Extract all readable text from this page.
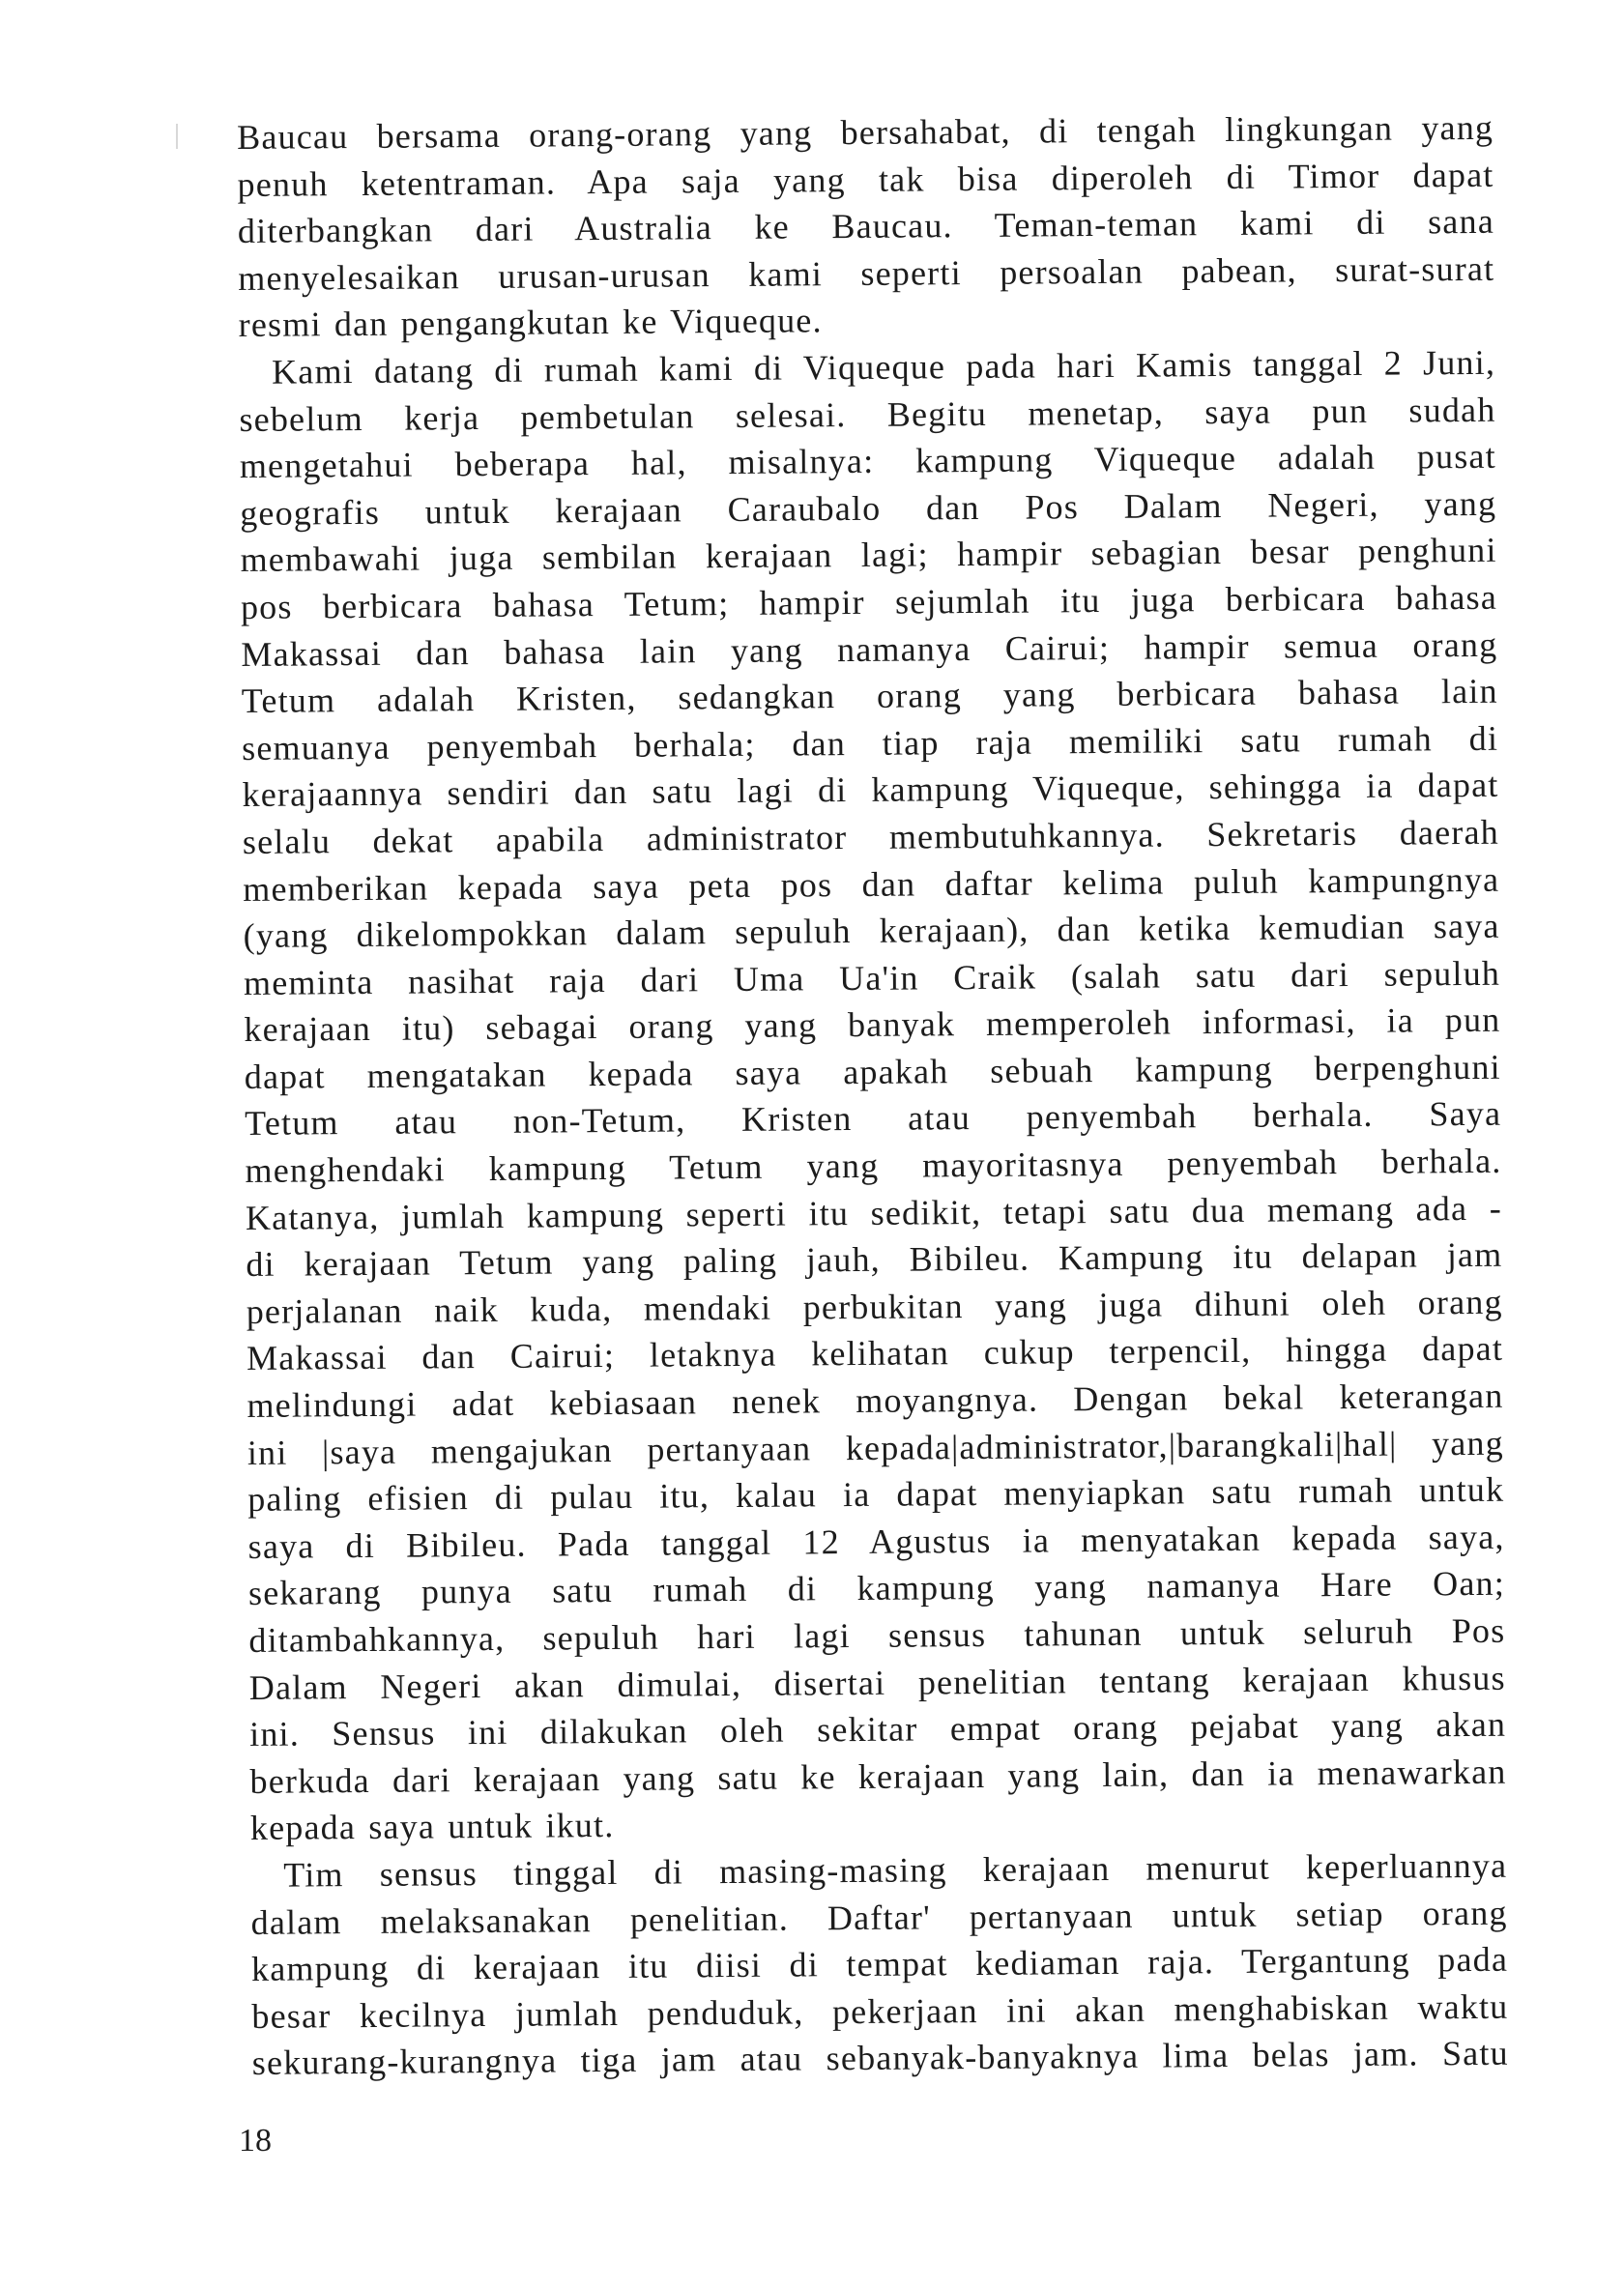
Baucau bersama orang-orang yang bersahabat, di tengah lingkungan yang
penuh ketentraman. Apa saja yang tak bisa diperoleh di Timor dapat
diterbangkan dari Australia ke Baucau. Teman-teman kami di sana
menyelesaikan urusan-urusan kami seperti persoalan pabean, surat-surat
resmi dan pengangkutan ke Viqueque.
Kami datang di rumah kami di Viqueque pada hari Kamis tanggal 2 Juni,
sebelum kerja pembetulan selesai. Begitu menetap, saya pun sudah
mengetahui beberapa hal, misalnya: kampung Viqueque adalah pusat
geografis untuk kerajaan Caraubalo dan Pos Dalam Negeri, yang
membawahi juga sembilan kerajaan lagi; hampir sebagian besar penghuni
pos berbicara bahasa Tetum; hampir sejumlah itu juga berbicara bahasa
Makassai dan bahasa lain yang namanya Cairui; hampir semua orang
Tetum adalah Kristen, sedangkan orang yang berbicara bahasa lain
semuanya penyembah berhala; dan tiap raja memiliki satu rumah di
kerajaannya sendiri dan satu lagi di kampung Viqueque, sehingga ia dapat
selalu dekat apabila administrator membutuhkannya. Sekretaris daerah
memberikan kepada saya peta pos dan daftar kelima puluh kampungnya
(yang dikelompokkan dalam sepuluh kerajaan), dan ketika kemudian saya
meminta nasihat raja dari Uma Ua'in Craik (salah satu dari sepuluh
kerajaan itu) sebagai orang yang banyak memperoleh informasi, ia pun
dapat mengatakan kepada saya apakah sebuah kampung berpenghuni
Tetum atau non-Tetum, Kristen atau penyembah berhala. Saya
menghendaki kampung Tetum yang mayoritasnya penyembah berhala.
Katanya, jumlah kampung seperti itu sedikit, tetapi satu dua memang ada -
di kerajaan Tetum yang paling jauh, Bibileu. Kampung itu delapan jam
perjalanan naik kuda, mendaki perbukitan yang juga dihuni oleh orang
Makassai dan Cairui; letaknya kelihatan cukup terpencil, hingga dapat
melindungi adat kebiasaan nenek moyangnya. Dengan bekal keterangan
ini |saya mengajukan pertanyaan kepada|administrator,|barangkali|hal| yang
paling efisien di pulau itu, kalau ia dapat menyiapkan satu rumah untuk
saya di Bibileu. Pada tanggal 12 Agustus ia menyatakan kepada saya,
sekarang punya satu rumah di kampung yang namanya Hare Oan;
ditambahkannya, sepuluh hari lagi sensus tahunan untuk seluruh Pos
Dalam Negeri akan dimulai, disertai penelitian tentang kerajaan khusus
ini. Sensus ini dilakukan oleh sekitar empat orang pejabat yang akan
berkuda dari kerajaan yang satu ke kerajaan yang lain, dan ia menawarkan
kepada saya untuk ikut.
Tim sensus tinggal di masing-masing kerajaan menurut keperluannya
dalam melaksanakan penelitian. Daftar' pertanyaan untuk setiap orang
kampung di kerajaan itu diisi di tempat kediaman raja. Tergantung pada
besar kecilnya jumlah penduduk, pekerjaan ini akan menghabiskan waktu
sekurang-kurangnya tiga jam atau sebanyak-banyaknya lima belas jam. Satu
18
